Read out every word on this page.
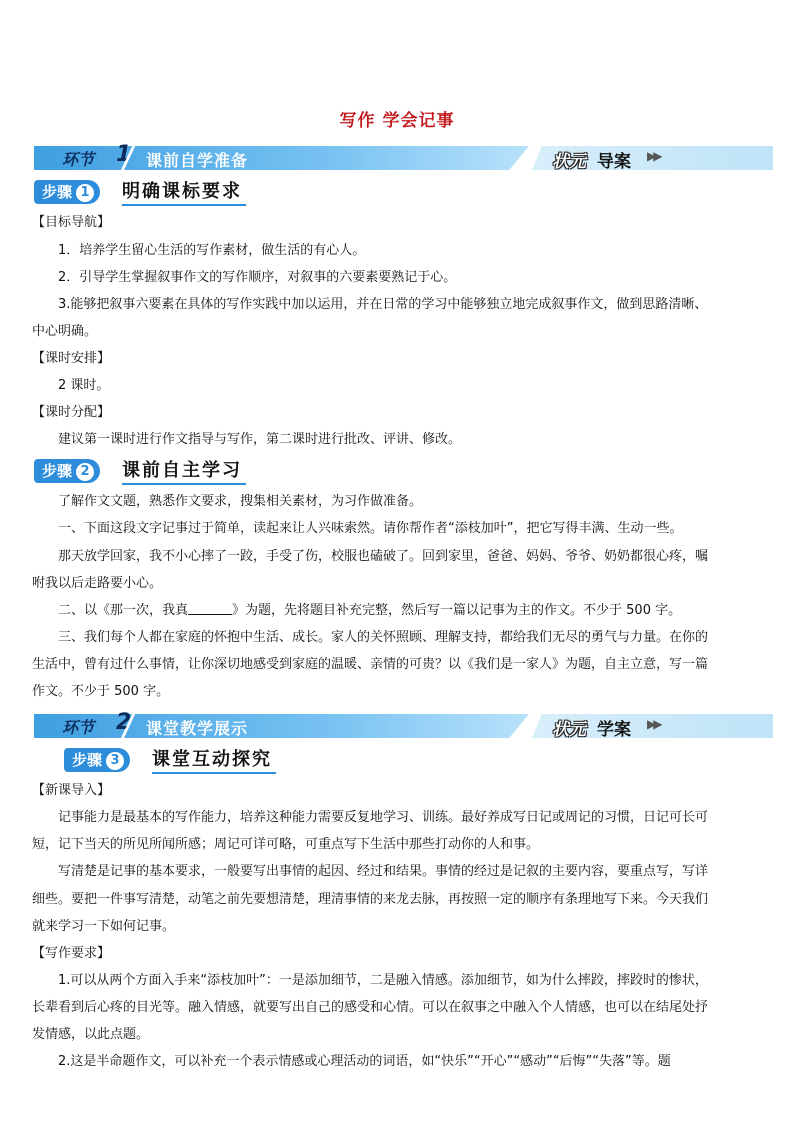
写作 学会记事
环节 1 课前自学准备	状元 导案 ▶▶
步骤 1	明确课标要求
【目标导航】
1．培养学生留心生活的写作素材，做生活的有心人。
2．引导学生掌握叙事作文的写作顺序，对叙事的六要素要熟记于心。
3.能够把叙事六要素在具体的写作实践中加以运用，并在日常的学习中能够独立地完成叙事作文，做到思路清晰、
中心明确。
【课时安排】
2 课时。
【课时分配】
建议第一课时进行作文指导与写作，第二课时进行批改、评讲、修改。
步骤 2	课前自主学习
了解作文文题，熟悉作文要求，搜集相关素材，为习作做准备。
一、下面这段文字记事过于简单，读起来让人兴味索然。请你帮作者“添枝加叶”，把它写得丰满、生动一些。
那天放学回家，我不小心摔了一跤，手受了伤，校服也磕破了。回到家里，爸爸、妈妈、爷爷、奶奶都很心疼，嘱
咐我以后走路要小心。
二、以《那一次，我真	》为题，先将题目补充完整，然后写一篇以记事为主的作文。不少于 500 字。
三、我们每个人都在家庭的怀抱中生活、成长。家人的关怀照顾、理解支持，都给我们无尽的勇气与力量。在你的
生活中，曾有过什么事情，让你深切地感受到家庭的温暖、亲情的可贵？以《我们是一家人》为题，自主立意，写一篇
作文。不少于 500 字。
环节 2 课堂教学展示	状元 学案 ▶▶
步骤 3	课堂互动探究
【新课导入】
记事能力是最基本的写作能力，培养这种能力需要反复地学习、训练。最好养成写日记或周记的习惯，日记可长可
短，记下当天的所见所闻所感；周记可详可略，可重点写下生活中那些打动你的人和事。
写清楚是记事的基本要求，一般要写出事情的起因、经过和结果。事情的经过是记叙的主要内容，要重点写，写详
细些。要把一件事写清楚，动笔之前先要想清楚，理清事情的来龙去脉，再按照一定的顺序有条理地写下来。今天我们
就来学习一下如何记事。
【写作要求】
1.可以从两个方面入手来“添枝加叶”：一是添加细节，二是融入情感。添加细节，如为什么摔跤，摔跤时的惨状，
长辈看到后心疼的目光等。融入情感，就要写出自己的感受和心情。可以在叙事之中融入个人情感，也可以在结尾处抒
发情感，以此点题。
2.这是半命题作文，可以补充一个表示情感或心理活动的词语，如“快乐”“开心”“感动”“后悔”“失落”等。题
